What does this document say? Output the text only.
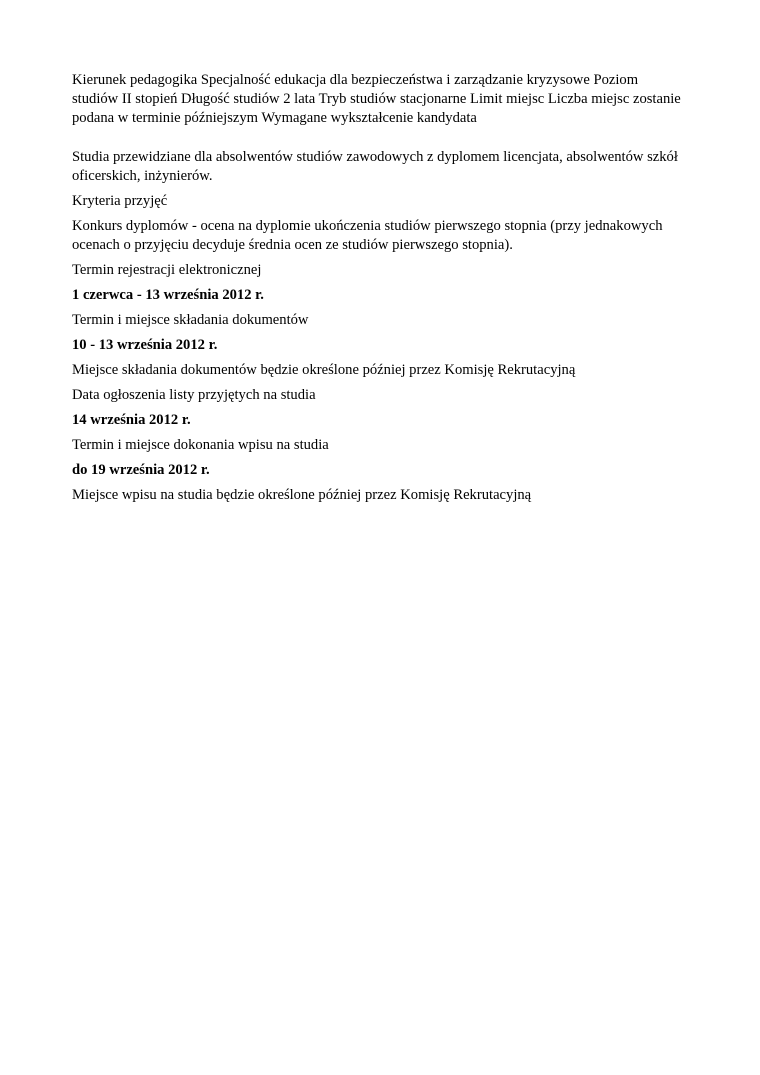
Kierunek pedagogika Specjalność edukacja dla bezpieczeństwa i zarządzanie kryzysowe Poziom studiów II stopień Długość studiów 2 lata Tryb studiów stacjonarne Limit miejsc Liczba miejsc zostanie podana w terminie późniejszym Wymagane wykształcenie kandydata

Studia przewidziane dla absolwentów studiów zawodowych z dyplomem licencjata, absolwentów szkół oficerskich, inżynierów.

Kryteria przyjęć

Konkurs dyplomów - ocena na dyplomie ukończenia studiów pierwszego stopnia (przy jednakowych ocenach o przyjęciu decyduje średnia ocen ze studiów pierwszego stopnia).

Termin rejestracji elektronicznej

1 czerwca - 13 września 2012 r.

Termin i miejsce składania dokumentów

10 - 13 września 2012 r.

Miejsce składania dokumentów będzie określone później przez Komisję Rekrutacyjną

Data ogłoszenia listy przyjętych na studia

14 września 2012 r.

Termin i miejsce dokonania wpisu na studia

do 19 września 2012 r.

Miejsce wpisu na studia będzie określone później przez Komisję Rekrutacyjną
